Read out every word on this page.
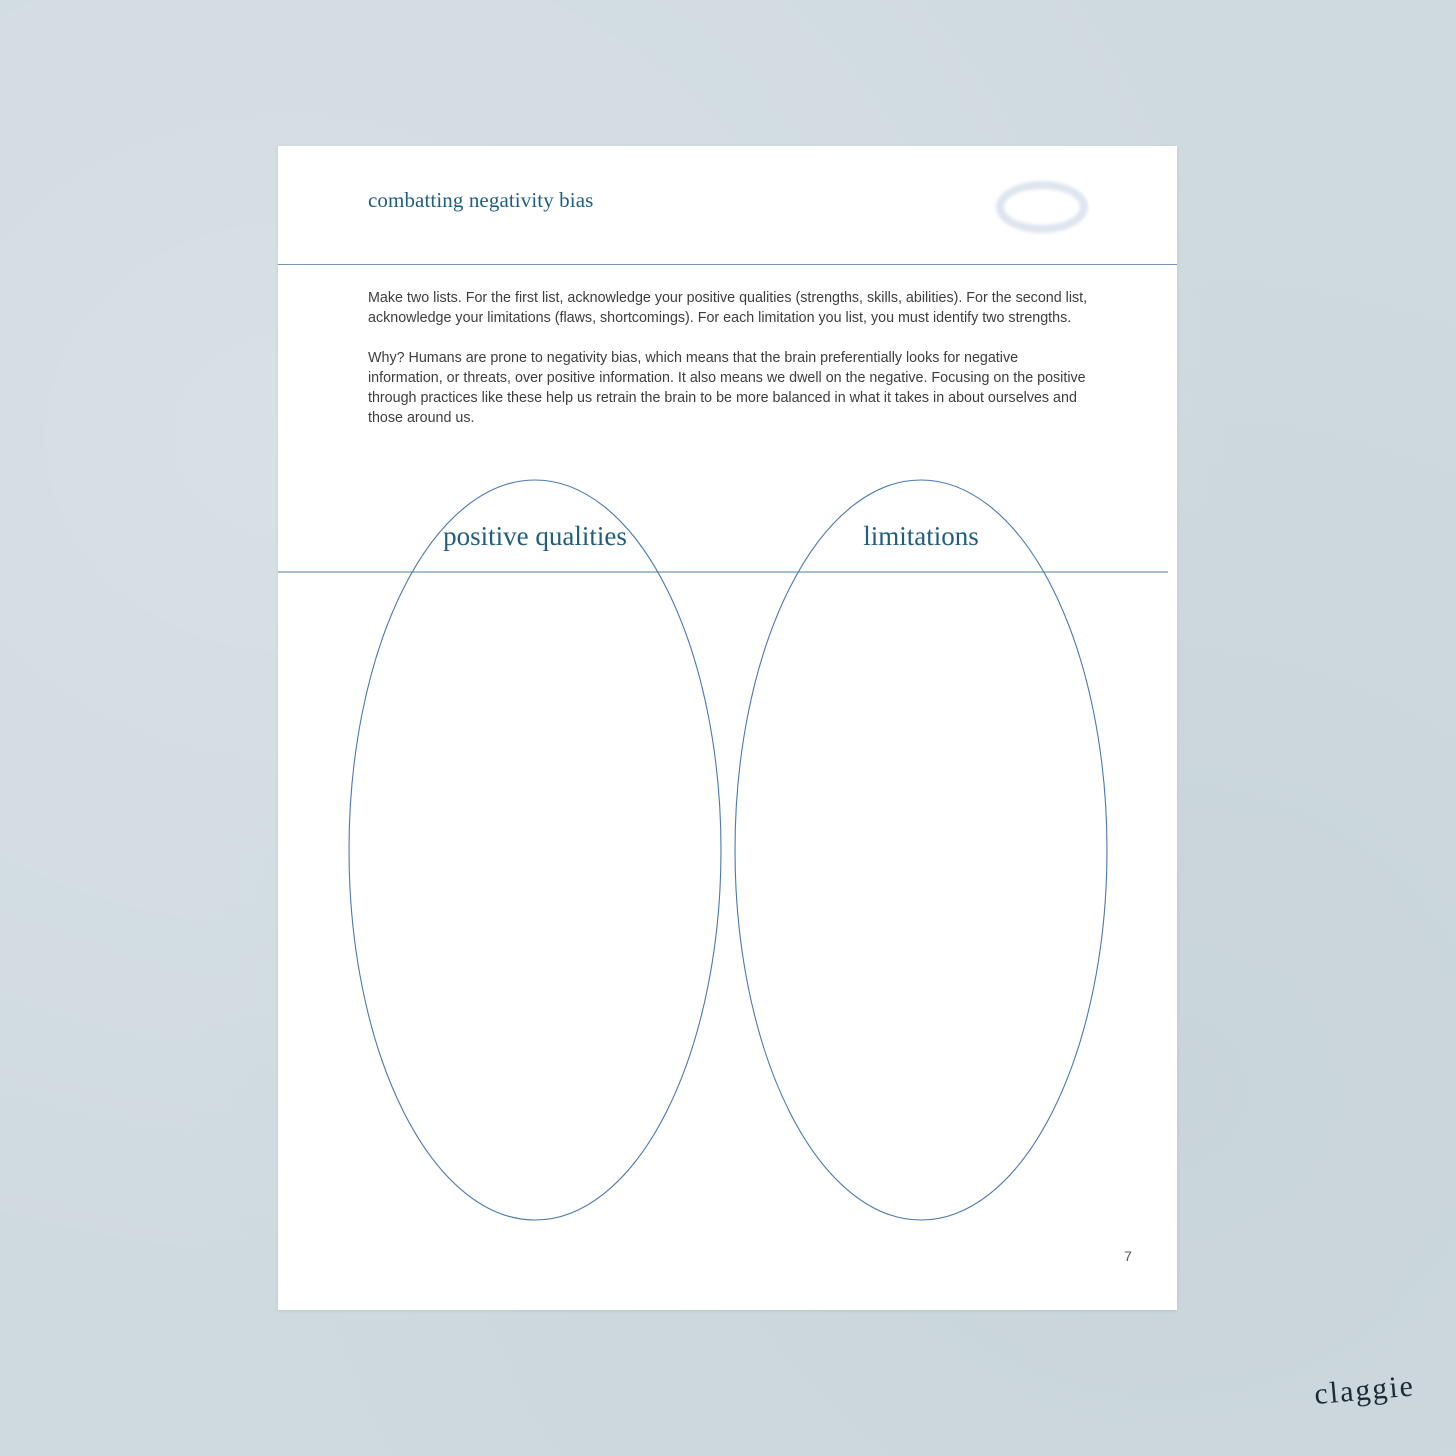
combatting negativity bias

Make two lists. For the first list, acknowledge your positive qualities (strengths, skills, abilities). For the second list, acknowledge your limitations (flaws, shortcomings). For each limitation you list, you must identify two strengths.

Why? Humans are prone to negativity bias, which means that the brain preferentially looks for negative information, or threats, over positive information. It also means we dwell on the negative. Focusing on the positive through practices like these help us retrain the brain to be more balanced in what it takes in about ourselves and those around us.

positive qualities	limitations
7
claggie
